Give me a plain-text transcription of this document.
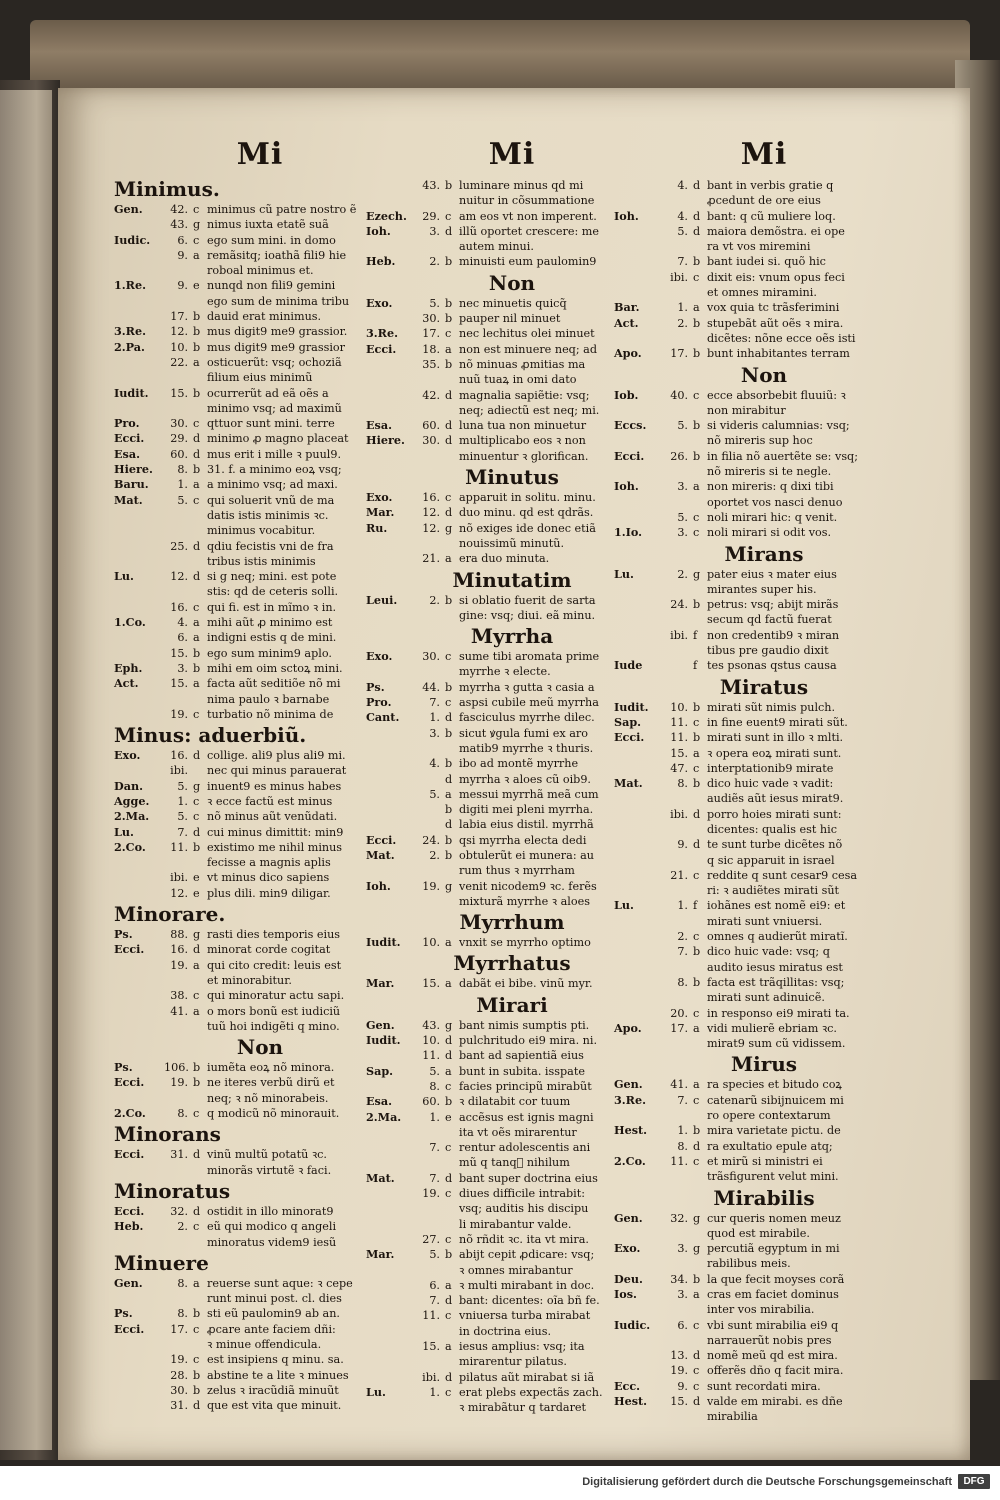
Mi
Minimus.
Gen.	42. c minimus cũ patre nostro ẽ
43. g nimus iuxta etatẽ suã
Iudic.	6. c ego sum mini. in domo
9. a remãsitq; ioathã fili9 hie
roboal minimus et.
1.Re.	9. e nunqd non fili9 gemini
ego sum de minima tribu
17. b dauid erat minimus.
3.Re.	12. b mus digit9 me9 grassior.
2.Pa.	10. b mus digit9 me9 grassior
22. a osticuerũt: vsq; ochoziã
filium eius minimũ
Iudit.	15. b ocurrerũt ad eã oẽs a
minimo vsq; ad maximũ
Pro.	30. c qttuor sunt mini. terre
Ecci.	29. d minimo ꝓ magno placeat
Esa.	60. d mus erit i mille ꝛ puul9.
Hiere.	8. b 31. f. a minimo eoꝝ vsq;
Baru.	1. a a minimo vsq; ad maxi.
Mat.	5. c qui soluerit vnũ de ma
datis istis minimis ꝛc.
minimus vocabitur.
25. d qdiu fecistis vni de fra
tribus istis minimis
Lu.	12. d si g neq; mini. est pote
stis: qd de ceteris solli.
16. c qui fi. est in mĩmo ꝛ in.
1.Co.	4. a mihi aũt ꝓ minimo est
6. a indigni estis q de mini.
15. b ego sum minim9 aplo.
Eph.	3. b mihi em oim sctoꝝ mini.
Act.	15. a facta aũt seditiõe nõ mi
nima paulo ꝛ barnabe
19. c turbatio nõ minima de
Minus: aduerbiũ.
Exo.	16. d collige. ali9 plus ali9 mi.
ibi.	nec qui minus parauerat
Dan.	5. g inuent9 es minus habes
Agge.	1. c ꝛ ecce factũ est minus
2.Ma.	5. c nõ minus aũt venũdati.
Lu.	7. d cui minus dimittit: min9
2.Co.	11. b existimo me nihil minus
fecisse a magnis aplis
ibi. e vt minus dico sapiens
12. e plus dili. min9 diligar.
Minorare.
Ps.	88. g rasti dies temporis eius
Ecci.	16. d minorat corde cogitat
19. a qui cito credit: leuis est
et minorabitur.
38. c qui minoratur actu sapi.
41. a o mors bonũ est iudiciũ
tuũ hoi indigẽti q mino.
Non
Ps.	106. b iumẽta eoꝝ nõ minora.
Ecci.	19. b ne iteres verbũ dirũ et
neq; ꝛ nõ minorabeis.
2.Co.	8. c q modicũ nõ minorauit.
Minorans
Ecci.	31. d vinũ multũ potatũ ꝛc.
minorãs virtutẽ ꝛ faci.
Minoratus
Ecci.	32. d ostidit in illo minorat9
Heb.	2. c eũ qui modico q angeli
minoratus videm9 iesũ
Minuere
Gen.	8. a reuerse sunt aque: ꝛ cepe
runt minui post. cl. dies
Ps.	8. b sti eũ paulomin9 ab an.
Ecci.	17. c ꝓcare ante faciem dñi:
ꝛ minue offendicula.
19. c est insipiens q minu. sa.
28. b abstine te a lite ꝛ minues
30. b zelus ꝛ iracũdiã minuũt
31. d que est vita que minuit.
Mi
43. b luminare minus qd mi
nuitur in cõsummatione
Ezech.	29. c am eos vt non imperent.
Ioh.	3. d illũ oportet crescere: me
autem minui.
Heb.	2. b minuisti eum paulomin9
Non
Exo.	5. b nec minuetis quicq̃
30. b pauper nil minuet
3.Re.	17. c nec lechitus olei minuet
Ecci.	18. a non est minuere neq; ad
35. b nõ minuas ꝓmitias ma
nuũ tuaꝝ in omi dato
42. d magnalia sapiẽtie: vsq;
neq; adiectũ est neq; mi.
Esa.	60. d luna tua non minuetur
Hiere.	30. d multiplicabo eos ꝛ non
minuentur ꝛ glorifican.
Minutus
Exo.	16. c apparuit in solitu. minu.
Mar.	12. d duo minu. qd est qdrãs.
Ru.	12. g nõ exiges ide donec etiã
nouissimũ minutũ.
21. a era duo minuta.
Minutatim
Leui.	2. b si oblatio fuerit de sarta
gine: vsq; diui. eã minu.
Myrrha
Exo.	30. c sume tibi aromata prime
myrrhe ꝛ electe.
Ps.	44. b myrrha ꝛ gutta ꝛ casia a
Pro.	7. c aspsi cubile meũ myrrha
Cant.	1. d fasciculus myrrhe dilec.
3. b sicut ꝟgula fumi ex aro
matib9 myrrhe ꝛ thuris.
4. b ibo ad montẽ myrrhe
d myrrha ꝛ aloes cũ oib9.
5. a messui myrrhã meã cum
b digiti mei pleni myrrha.
d labia eius distil. myrrhã
Ecci.	24. b qsi myrrha electa dedi
Mat.	2. b obtulerũt ei munera: au
rum thus ꝛ myrrham
Ioh.	19. g venit nicodem9 ꝛc. ferẽs
mixturã myrrhe ꝛ aloes
Myrrhum
Iudit.	10. a vnxit se myrrho optimo
Myrrhatus
Mar.	15. a dabãt ei bibe. vinũ myr.
Mirari
Gen.	43. g bant nimis sumptis pti.
Iudit.	10. d pulchritudo ei9 mira. ni.
11. d bant ad sapientiã eius
Sap.	5. a bunt in subita. isspate
8. c facies principũ mirabũt
Esa.	60. b ꝛ dilatabit cor tuum
2.Ma.	1. e accẽsus est ignis magni
ita vt oẽs mirarentur
7. c rentur adolescentis ani
mũ q tanqᷓ nihilum
Mat.	7. d bant super doctrina eius
19. c diues difficile intrabit:
vsq; auditis his discipu
li mirabantur valde.
27. c nõ rñdit ꝛc. ita vt mira.
Mar.	5. b abijt cepit ꝓdicare: vsq;
ꝛ omnes mirabantur
6. a ꝛ multi mirabant in doc.
7. d bant: dicentes: oĩa bñ fe.
11. c vniuersa turba mirabat
in doctrina eius.
15. a iesus amplius: vsq; ita
mirarentur pilatus.
ibi. d pilatus aũt mirabat si iã
Lu.	1. c erat plebs expectãs zach.
ꝛ mirabãtur q tardaret
Mi
4. d bant in verbis gratie q
ꝓcedunt de ore eius
Ioh.	4. d bant: q cũ muliere loq.
5. d maiora demõstra. ei ope
ra vt vos miremini
7. b bant iudei si. quõ hic
ibi. c dixit eis: vnum opus feci
et omnes miramini.
Bar.	1. a vox quia tc trãsferimini
Act.	2. b stupebãt aũt oẽs ꝛ mira.
dicẽtes: nõne ecce oẽs isti
Apo.	17. b bunt inhabitantes terram
Non
Iob.	40. c ecce absorbebit fluuiũ: ꝛ
non mirabitur
Eccs.	5. b si videris calumnias: vsq;
nõ mireris sup hoc
Ecci.	26. b in filia nõ auertẽte se: vsq;
nõ mireris si te negle.
Ioh.	3. a non mireris: q dixi tibi
oportet vos nasci denuo
5. c noli mirari hic: q venit.
1.Io.	3. c noli mirari si odit vos.
Mirans
Lu.	2. g pater eius ꝛ mater eius
mirantes super his.
24. b petrus: vsq; abijt mirãs
secum qd factũ fuerat
ibi. f non credentib9 ꝛ miran
tibus pre gaudio dixit
Iude	f tes psonas qstus causa
Miratus
Iudit.	10. b mirati sũt nimis pulch.
Sap.	11. c in fine euent9 mirati sũt.
Ecci.	11. b mirati sunt in illo ꝛ mlti.
15. a ꝛ opera eoꝝ mirati sunt.
47. c interptationib9 mirate
Mat.	8. b dico huic vade ꝛ vadit:
audiẽs aũt iesus mirat9.
ibi. d porro hoies mirati sunt:
dicentes: qualis est hic
9. d te sunt turbe dicẽtes nõ
q sic apparuit in israel
21. c reddite q sunt cesar9 cesa
ri: ꝛ audiẽtes mirati sũt
Lu.	1. f iohãnes est nomẽ ei9: et
mirati sunt vniuersi.
2. c omnes q audierũt miratĩ.
7. b dico huic vade: vsq; q
audito iesus miratus est
8. b facta est trãqillitas: vsq;
mirati sunt adinuicẽ.
20. c in responso ei9 mirati ta.
Apo.	17. a vidi mulierẽ ebriam ꝛc.
mirat9 sum cũ vidissem.
Mirus
Gen.	41. a ra species et bitudo coꝝ
3.Re.	7. c catenarũ sibijnuicem mi
ro opere contextarum
Hest.	1. b mira varietate pictu. de
8. d ra exultatio epule atq;
2.Co.	11. c et mirũ si ministri ei
trãsfigurent velut mini.
Mirabilis
Gen.	32. g cur queris nomen meuz
quod est mirabile.
Exo.	3. g percutiã egyptum in mi
rabilibus meis.
Deu.	34. b la que fecit moyses corã
Ios.	3. a cras em faciet dominus
inter vos mirabilia.
Iudic.	6. c vbi sunt mirabilia ei9 q
narrauerũt nobis pres
13. d nomẽ meũ qd est mira.
19. c offerẽs dño q facit mira.
Ecc.	9. c sunt recordati mira.
Hest.	15. d valde em mirabi. es dñe
mirabilia
Digitalisierung gefördert durch die Deutsche Forschungsgemeinschaft	DFG
